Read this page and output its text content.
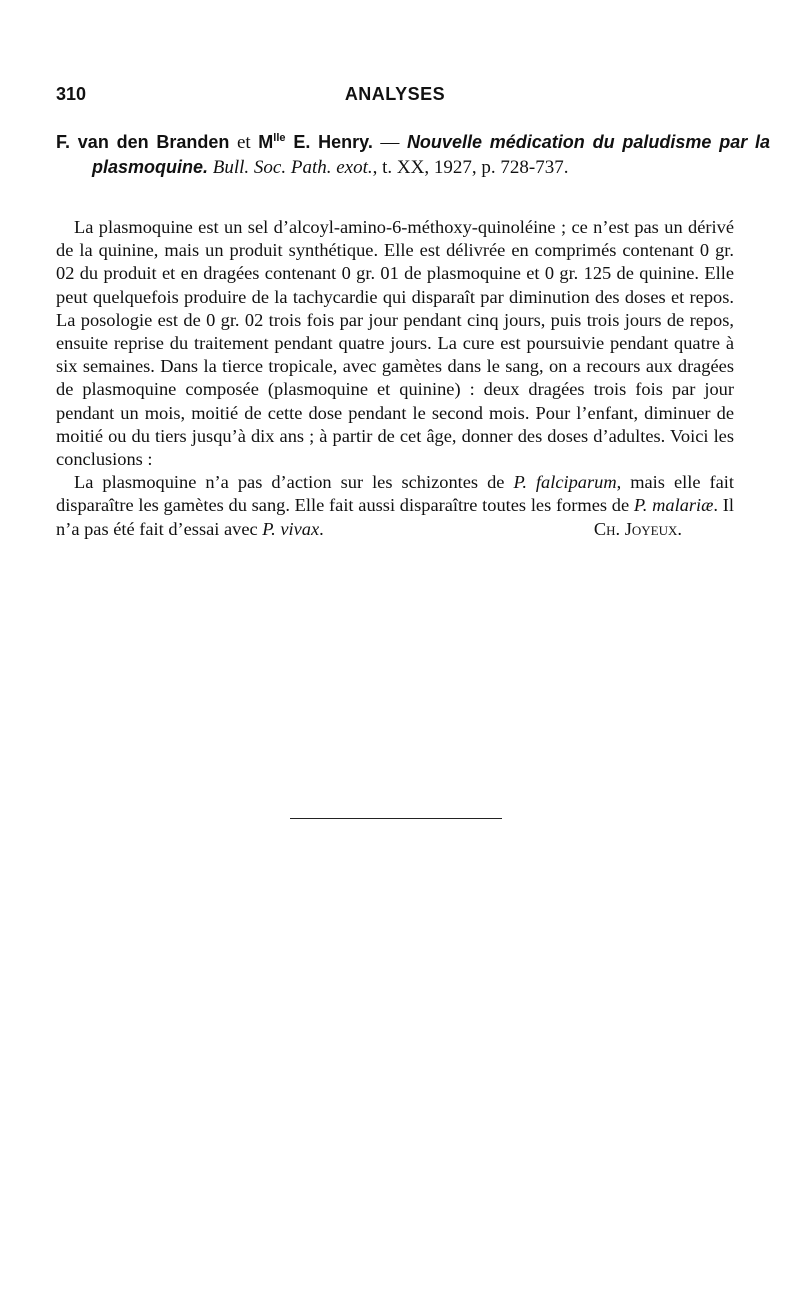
310	ANALYSES
F. van den Branden et $M^{lle}$ E. Henry. — Nouvelle médication du paludisme par la plasmoquine. Bull. Soc. Path. exot., t. XX, 1927, p. 728-737.

La plasmoquine est un sel d’alcoyl-amino-6-méthoxy-quinoléine ; ce n’est pas un dérivé de la quinine, mais un produit synthétique. Elle est délivrée en comprimés contenant 0 gr. 02 du produit et en dragées contenant 0 gr. 01 de plasmoquine et 0 gr. 125 de quinine. Elle peut quelquefois produire de la tachycardie qui disparaît par diminution des doses et repos. La posologie est de 0 gr. 02 trois fois par jour pendant cinq jours, puis trois jours de repos, ensuite reprise du traitement pendant quatre jours. La cure est poursuivie pendant quatre à six semaines. Dans la tierce tropicale, avec gamètes dans le sang, on a recours aux dragées de plasmoquine composée (plasmoquine et quinine) : deux dragées trois fois par jour pendant un mois, moitié de cette dose pendant le second mois. Pour l’enfant, diminuer de moitié ou du tiers jusqu’à dix ans ; à partir de cet âge, donner des doses d’adultes. Voici les conclusions :

La plasmoquine n’a pas d’action sur les schizontes de P. falciparum, mais elle fait disparaître les gamètes du sang. Elle fait aussi disparaître toutes les formes de P. malariæ. Il n’a pas été fait d’essai avec P. vivax.	Ch. Joyeux.
